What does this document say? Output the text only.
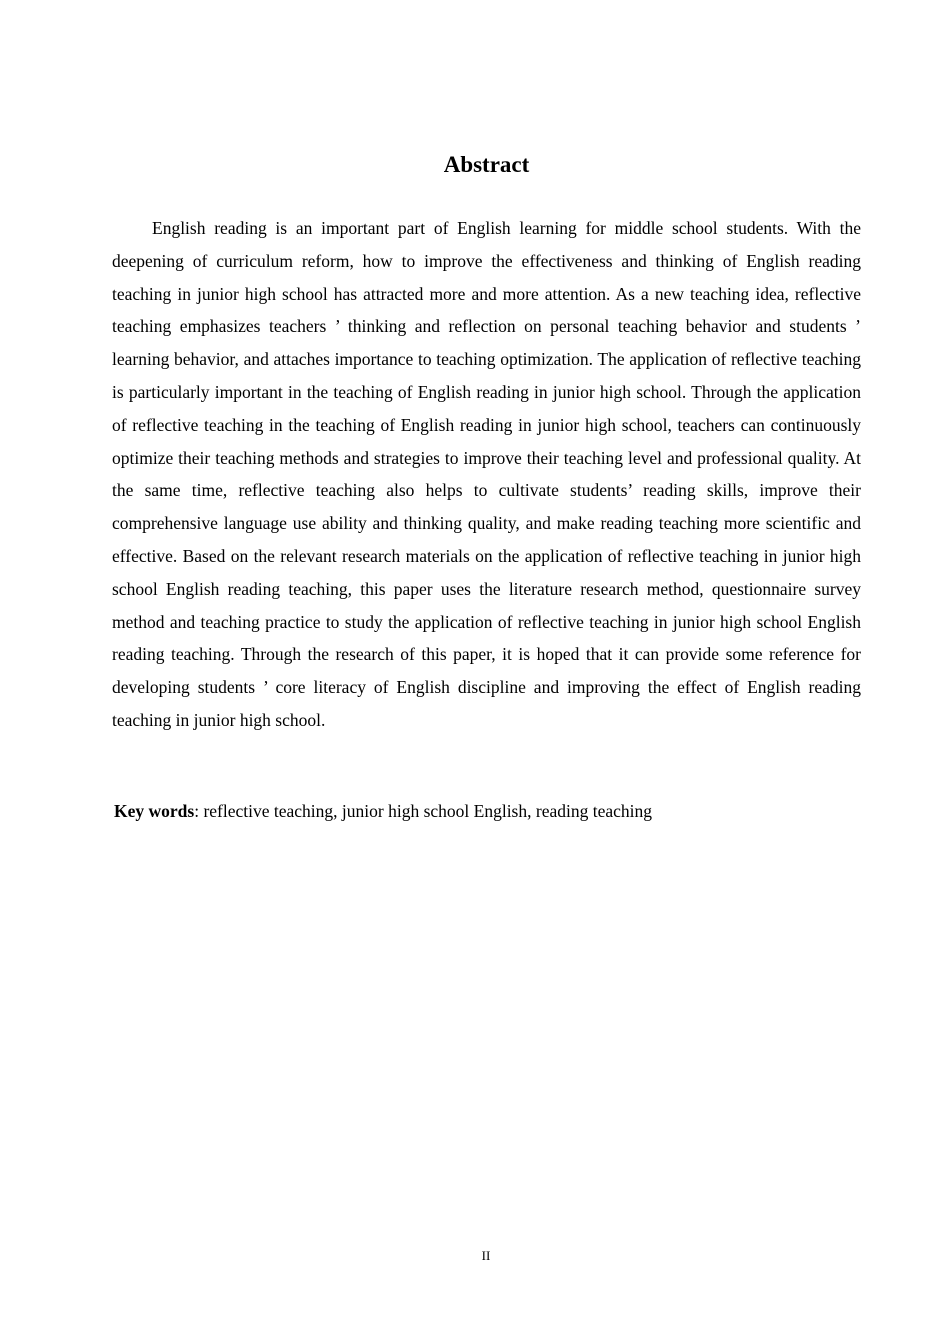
Abstract

English reading is an important part of English learning for middle school students. With the deepening of curriculum reform, how to improve the effectiveness and thinking of English reading teaching in junior high school has attracted more and more attention. As a new teaching idea, reflective teaching emphasizes teachers ’ thinking and reflection on personal teaching behavior and students ’ learning behavior, and attaches importance to teaching optimization. The application of reflective teaching is particularly important in the teaching of English reading in junior high school. Through the application of reflective teaching in the teaching of English reading in junior high school, teachers can continuously optimize their teaching methods and strategies to improve their teaching level and professional quality. At the same time, reflective teaching also helps to cultivate students’ reading skills, improve their comprehensive language use ability and thinking quality, and make reading teaching more scientific and effective. Based on the relevant research materials on the application of reflective teaching in junior high school English reading teaching, this paper uses the literature research method, questionnaire survey method and teaching practice to study the application of reflective teaching in junior high school English reading teaching. Through the research of this paper, it is hoped that it can provide some reference for developing students ’ core literacy of English discipline and improving the effect of English reading teaching in junior high school.

Key words: reflective teaching, junior high school English, reading teaching

II
